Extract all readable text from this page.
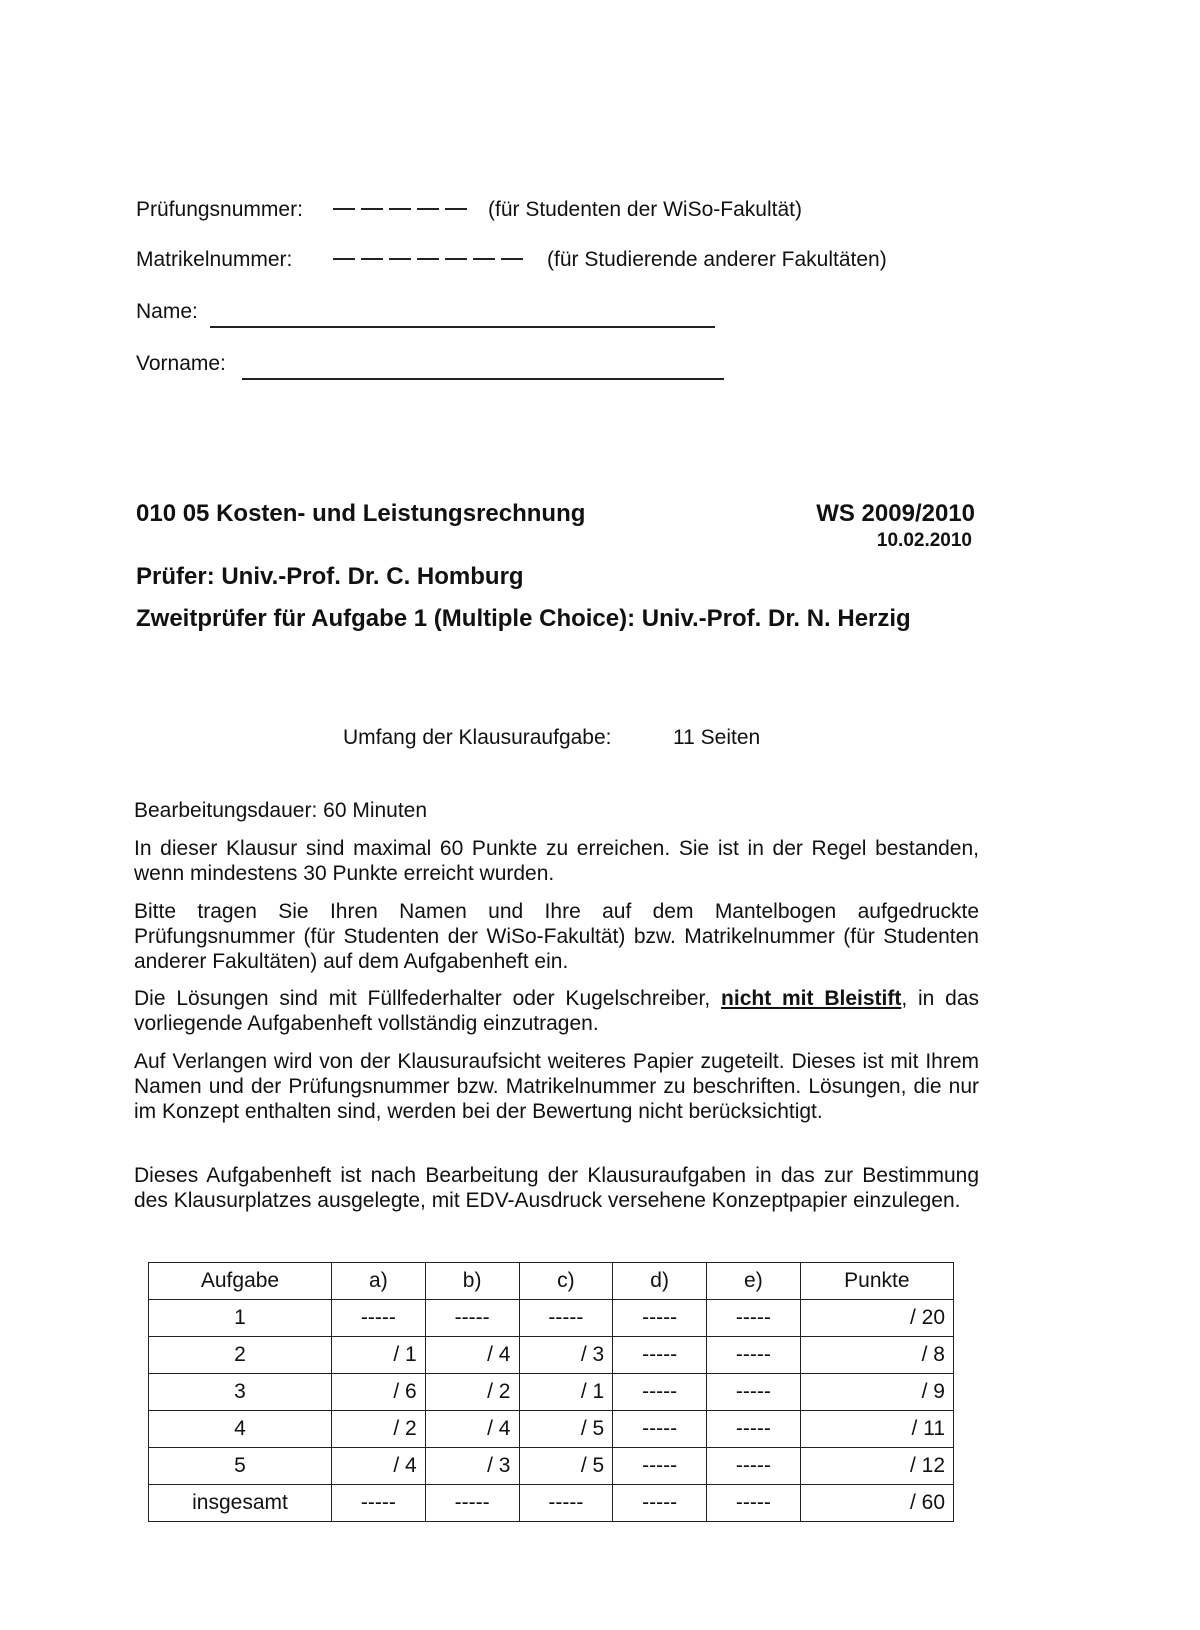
Prüfungsnummer:	(für Studenten der WiSo-Fakultät)
Matrikelnummer:	(für Studierende anderer Fakultäten)
Name:
Vorname:
010 05 Kosten- und Leistungsrechnung	WS 2009/2010
10.02.2010
Prüfer: Univ.-Prof. Dr. C. Homburg
Zweitprüfer für Aufgabe 1 (Multiple Choice): Univ.-Prof. Dr. N. Herzig
Umfang der Klausuraufgabe:	11 Seiten
Bearbeitungsdauer: 60 Minuten
In dieser Klausur sind maximal 60 Punkte zu erreichen. Sie ist in der Regel bestanden, wenn mindestens 30 Punkte erreicht wurden.
Bitte tragen Sie Ihren Namen und Ihre auf dem Mantelbogen aufgedruckte Prüfungsnummer (für Studenten der WiSo-Fakultät) bzw. Matrikelnummer (für Studenten anderer Fakultäten) auf dem Aufgabenheft ein.
Die Lösungen sind mit Füllfederhalter oder Kugelschreiber, nicht mit Bleistift, in das vorliegende Aufgabenheft vollständig einzutragen.
Auf Verlangen wird von der Klausuraufsicht weiteres Papier zugeteilt. Dieses ist mit Ihrem Namen und der Prüfungsnummer bzw. Matrikelnummer zu beschriften. Lösungen, die nur im Konzept enthalten sind, werden bei der Bewertung nicht berücksichtigt.
Dieses Aufgabenheft ist nach Bearbeitung der Klausuraufgaben in das zur Bestimmung des Klausurplatzes ausgelegte, mit EDV-Ausdruck versehene Konzeptpapier einzulegen.
Aufgabe	a)	b)	c)	d)	e)	Punkte
1	-----	-----	-----	-----	-----	/ 20
2	/ 1	/ 4	/ 3	-----	-----	/ 8
3	/ 6	/ 2	/ 1	-----	-----	/ 9
4	/ 2	/ 4	/ 5	-----	-----	/ 11
5	/ 4	/ 3	/ 5	-----	-----	/ 12
insgesamt	-----	-----	-----	-----	-----	/ 60
